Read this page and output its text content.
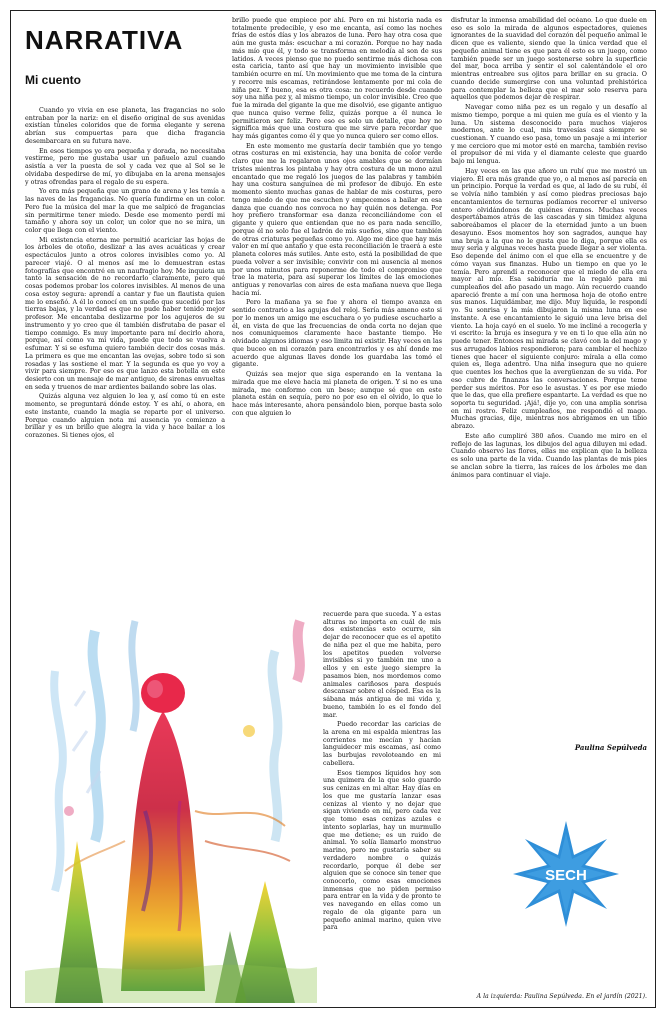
NARRATIVA
Mi cuento

Cuando yo vivía en ese planeta, las fragancias no solo entraban por la nariz: en el diseño original de sus avenidas existían túneles coloridos que de forma elegante y serena abrían sus compuertas para que dicha fragancia desembarcara en su futura nave.

En esos tiempos yo era pequeña y dorada, no necesitaba vestirme, pero me gustaba usar un pañuelo azul cuando asistía a ver la puesta de sol y cada vez que al Sol se le olvidaba despedirse de mí, yo dibujaba en la arena mensajes y otras ofrendas para el regalo de su espera.

Yo era más pequeña que un grano de arena y les temía a las naves de las fragancias. No quería fundirme en un color. Pero fue la música del mar la que me salpicó de fragancias sin permitirme tener miedo. Desde ese momento perdí mi tamaño y ahora soy un color, un color que no se mira, un color que llega con el viento.

Mi existencia eterna me permitió acariciar las hojas de los árboles de otoño, deslizar a las aves acuáticas y crear espectáculos junto a otros colores invisibles como yo. Al parecer viajé. O al menos así me lo demuestran estas fotografías que encontré en un naufragio hoy. Me inquieta un tanto la sensación de no recordarlo claramente, pero qué cosas podemos probar los colores invisibles. Al menos de una cosa estoy segura: aprendí a cantar y fue un flautista quien me lo enseñó. A él lo conocí en un sueño que sucedió por las tierras bajas, y la verdad es que no pude haber tenido mejor profesor. Me encantaba deslizarme por los agujeros de su instrumento y yo creo que él también disfrutaba de pasar el tiempo conmigo. Es muy importante para mí decirlo ahora, porque, así como va mi vida, puede que todo se vuelva a esfumar. Y si se esfuma quiero también decir dos cosas más. La primera es que me encantan las ovejas, sobre todo si son rosadas y las sostiene el mar. Y la segunda es que yo voy a vivir para siempre. Por eso es que lanzo esta botella en este desierto con un mensaje de mar antiguo, de sirenas envueltas en seda y truenos de mar ardientes bailando sobre las olas.

Quizás alguna vez alguien lo lea y, así como tú en este momento, se preguntará dónde estoy. Y es ahí, o ahora, en este instante, cuando la magia se reparte por el universo. Porque cuando alguien nota mi ausencia yo comienzo a brillar y es un brillo que alegra la vida y hace bailar a los corazones. Si tienes ojos, el

brillo puede que empiece por ahí. Pero en mi historia nada es totalmente predecible, y eso me encanta, así como las noches frías de estos días y los abrazos de luna. Pero hay otra cosa que aún me gusta más: escuchar a mi corazón. Porque no hay nada más mío que él, y todo se transforma en melodía al son de sus latidos. A veces pienso que no puedo sentirme más dichosa con esta caricia, tanto así que hay un movimiento invisible que también ocurre en mí. Un movimiento que me toma de la cintura y recorre mis escamas, retirándose lentamente por mi cola de niña pez. Y bueno, esa es otra cosa: no recuerdo desde cuando soy una niña pez y, al mismo tiempo, un color invisible. Creo que fue la mirada del gigante la que me disolvió, ese gigante antiguo que nunca quiso verme feliz, quizás porque a él nunca le permitieron ser feliz. Pero eso es solo un detalle, que hoy no significa más que una costura que me sirve para recordar que hay más gigantes como él y que yo nunca quiero ser como ellos.

En este momento me gustaría decir también que yo tengo otras costuras en mi existencia, hay una bonita de color verde claro que me la regalaron unos ojos amables que se dormían tristes mientras los pintaba y hay otra costura de un mono azul encantado que me regaló los juegos de las palabras y también hay una costura sanguínea de mi profesor de dibujo. En este momento siento muchas ganas de hablar de mis costuras, pero tengo miedo de que me escuchen y empecemos a bailar en esa danza que cuando nos convoca no hay quién nos detenga. Por hoy prefiero transformar esa danza reconciliándome con el gigante y quiero que entiendan que no es para nada sencillo, porque él no solo fue el ladrón de mis sueños, sino que también de otras criaturas pequeñas como yo. Algo me dice que hay más valor en mí que antaño y que esta reconciliación le traerá a este planeta colores más sutiles. Ante esto, está la posibilidad de que pueda volver a ser invisible; convivir con mi ausencia al menos por unos minutos para reponerme de todo el compromiso que trae la materia, para así superar los límites de las emociones antiguas y renovarlas con aires de esta mañana nueva que llega hacia mí.

Pero la mañana ya se fue y ahora el tiempo avanza en sentido contrario a las agujas del reloj. Sería más ameno esto si por lo menos un amigo me escuchara o yo pudiese escucharlo a él, en vista de que las frecuencias de onda corta no dejan que nos comuniquemos claramente hace bastante tiempo. He olvidado algunos idiomas y eso limita mi existir. Hay veces en las que buceo en mi corazón para encontrarlos y es ahí donde me acuerdo que algunas llaves donde los guardaba las tomó el gigante.

Quizás sea mejor que siga esperando en la ventana la mirada que me eleve hacia mi planeta de origen. Y si no es una mirada, me conformo con un beso; aunque sé que en este planeta están en sequía, pero no por eso en el olvido, lo que lo hace más interesante, ahora pensándolo bien, porque basta solo con que alguien lo

recuerde para que suceda. Y a estas alturas no importa en cuál de mis dos existencias esto ocurre, sin dejar de reconocer que es el apetito de niña pez el que me habita, pero los apetitos pueden volverse invisibles si yo también me uno a ellos y en este juego siempre la pasamos bien, nos mordemos como animales cariñosos para después descansar sobre el césped. Esa es la sábana más antigua de mi vida y, bueno, también lo es el fondo del mar.

Puedo recordar las caricias de la arena en mi espalda mientras las corrientes me mecían y hacían languidecer mis escamas, así como las burbujas revoloteando en mi cabellera.

Esos tiempos líquidos hoy son una quimera de la que solo guardo sus cenizas en mi altar. Hay días en los que me gustaría lanzar esas cenizas al viento y no dejar que sigan viviendo en mí, pero cada vez que tomo esas cenizas azules e intento soplarlas, hay un murmullo que me detiene; es un ruido de animal. Yo solía llamarlo monstruo marino, pero me gustaría saber su verdadero nombre o quizás recordarlo, porque él debe ser alguien que se conoce sin tener que conocerlo, como esas emociones inmensas que no piden permiso para entrar en la vida y de pronto te ves navegando en ellas como un regalo de ola gigante para un pequeño animal marino, quien vive para

disfrutar la inmensa amabilidad del océano. Lo que duele en eso es solo la mirada de algunos espectadores, quienes ignorantes de la suavidad del corazón del pequeño animal le dicen que es valiente, siendo que la única verdad que el pequeño animal tiene es que para él esto es un juego, como también puede ser un juego sostenerse sobre la superficie del mar, boca arriba y sentir el sol calentándole el oro mientras entreabre sus ojitos para brillar en su gracia. O cuando decide sumergirse con una voluntad prehistórica para contemplar la belleza que el mar solo reserva para aquellos que podemos dejar de respirar.

Navegar como niña pez es un regalo y un desafío al mismo tiempo, porque a mi quien me guía es el viento y la luna. Un sistema desconocido para muchos viajeros modernos, ante lo cual, mis travesías casi siempre se cuestionan. Y cuando eso pasa, tomo un pasaje a mi interior y me cercioro que mi motor esté en marcha, también reviso el propulsor de mi vida y el diamante celeste que guardo bajo mi lengua.

Hay veces en las que añoro un rubí que me mostró un viajero. Él era más grande que yo, o al menos así parecía en un principio. Porque la verdad es que, al lado de su rubí, él se volvía niño también y así como piedras preciosas bajo encantamientos de ternuras podíamos recorrer el universo entero olvidándonos de quiénes éramos. Muchas veces despertábamos atrás de las cascadas y sin timidez alguna saboreábamos el placer de la eternidad junto a un buen desayuno. Esos momentos hoy son sagrados, aunque hay una bruja a la que no le gusta que lo diga, porque ella es muy seria y algunas veces hasta puede llegar a ser violenta. Eso depende del ánimo con el que ella se encuentre y de cómo vayan sus finanzas. Hubo un tiempo en que yo le temía. Pero aprendí a reconocer que el miedo de ella era mayor al mío. Esa sabiduría me la regaló para mi cumpleaños del año pasado un mago. Aún recuerdo cuando apareció frente a mí con una hermosa hoja de otoño entre sus manos. Liquidámbar, me dijo. Muy liquida, le respondí yo. Su sonrisa y la mía dibujaron la misma luna en ese instante. A ese encantamiento le siguió una leve brisa del viento. La hoja cayó en el suelo. Yo me incliné a recogerla y vi escrito: la bruja es insegura y ve en ti lo que ella aún no puede tener. Entonces mi mirada se clavó con la del mago y sus arrugados labios respondieron; para cambiar el hechizo tienes que hacer el siguiente conjuro: mírala a ella como quien es, llega adentro. Una niña insegura que no quiere que cuentes los hechos que la avergüenzan de su vida. Por eso cubre de finanzas las conversaciones. Porque teme perder sus méritos. Por eso le asustas. Y es por ese miedo que le das, que ella prefiere espantarte. La verdad es que no soporta tu seguridad. ¡Ajá!, dije yo, con una amplia sonrisa en mi rostro. Feliz cumpleaños, me respondió el mago. Muchas gracias, dije, mientras nos abrigamos en un tibio abrazo.

Este año cumpliré 380 años. Cuando me miro en el reflejo de las lagunas, los dibujos del agua diluyen mi edad. Cuando observo las flores, ellas me explican que la belleza es solo una parte de la vida. Cuando las plantas de mis pies se anclan sobre la tierra, las raíces de los árboles me dan ánimos para continuar el viaje.

Paulina Sepúlveda
SECH
A la izquierda: Paulina Sepúlveda. En el jardín (2021).
